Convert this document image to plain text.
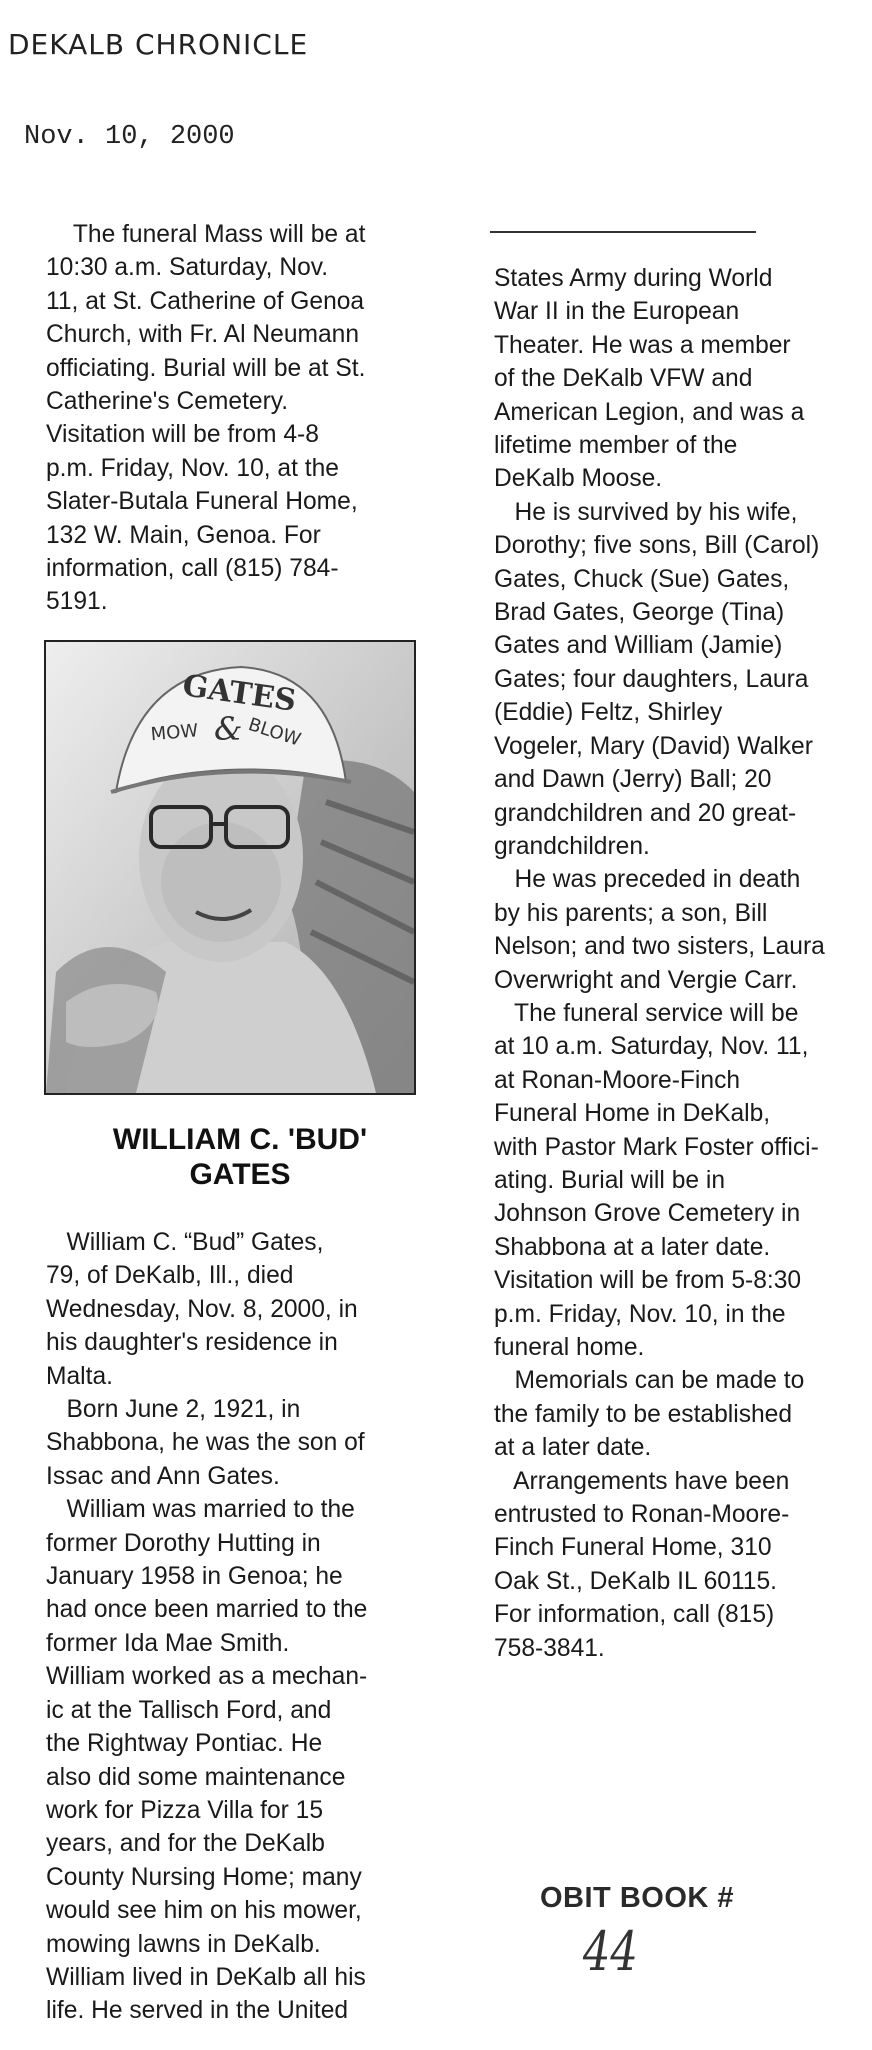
DEKALB CHRONICLE
Nov. 10, 2000

The funeral Mass will be at

10:30 a.m. Saturday, Nov.

11, at St. Catherine of Genoa

Church, with Fr. Al Neumann

officiating. Burial will be at St.

Catherine's Cemetery.

Visitation will be from 4-8

p.m. Friday, Nov. 10, at the

Slater-Butala Funeral Home,

132 W. Main, Genoa. For

information, call (815) 784-

5191.

GATES
MOW & BLOW
WILLIAM C. 'BUD'
GATES

William C. “Bud” Gates,

79, of DeKalb, Ill., died

Wednesday, Nov. 8, 2000, in

his daughter's residence in

Malta.

Born June 2, 1921, in

Shabbona, he was the son of

Issac and Ann Gates.

William was married to the

former Dorothy Hutting in

January 1958 in Genoa; he

had once been married to the

former Ida Mae Smith.

William worked as a mechan-

ic at the Tallisch Ford, and

the Rightway Pontiac. He

also did some maintenance

work for Pizza Villa for 15

years, and for the DeKalb

County Nursing Home; many

would see him on his mower,

mowing lawns in DeKalb.

William lived in DeKalb all his

life. He served in the United

States Army during World

War II in the European

Theater. He was a member

of the DeKalb VFW and

American Legion, and was a

lifetime member of the

DeKalb Moose.

He is survived by his wife,

Dorothy; five sons, Bill (Carol)

Gates, Chuck (Sue) Gates,

Brad Gates, George (Tina)

Gates and William (Jamie)

Gates; four daughters, Laura

(Eddie) Feltz, Shirley

Vogeler, Mary (David) Walker

and Dawn (Jerry) Ball; 20

grandchildren and 20 great-

grandchildren.

He was preceded in death

by his parents; a son, Bill

Nelson; and two sisters, Laura

Overwright and Vergie Carr.

The funeral service will be

at 10 a.m. Saturday, Nov. 11,

at Ronan-Moore-Finch

Funeral Home in DeKalb,

with Pastor Mark Foster offici-

ating. Burial will be in

Johnson Grove Cemetery in

Shabbona at a later date.

Visitation will be from 5-8:30

p.m. Friday, Nov. 10, in the

funeral home.

Memorials can be made to

the family to be established

at a later date.

Arrangements have been

entrusted to Ronan-Moore-

Finch Funeral Home, 310

Oak St., DeKalb IL 60115.

For information, call (815)

758-3841.

OBIT BOOK #
44
